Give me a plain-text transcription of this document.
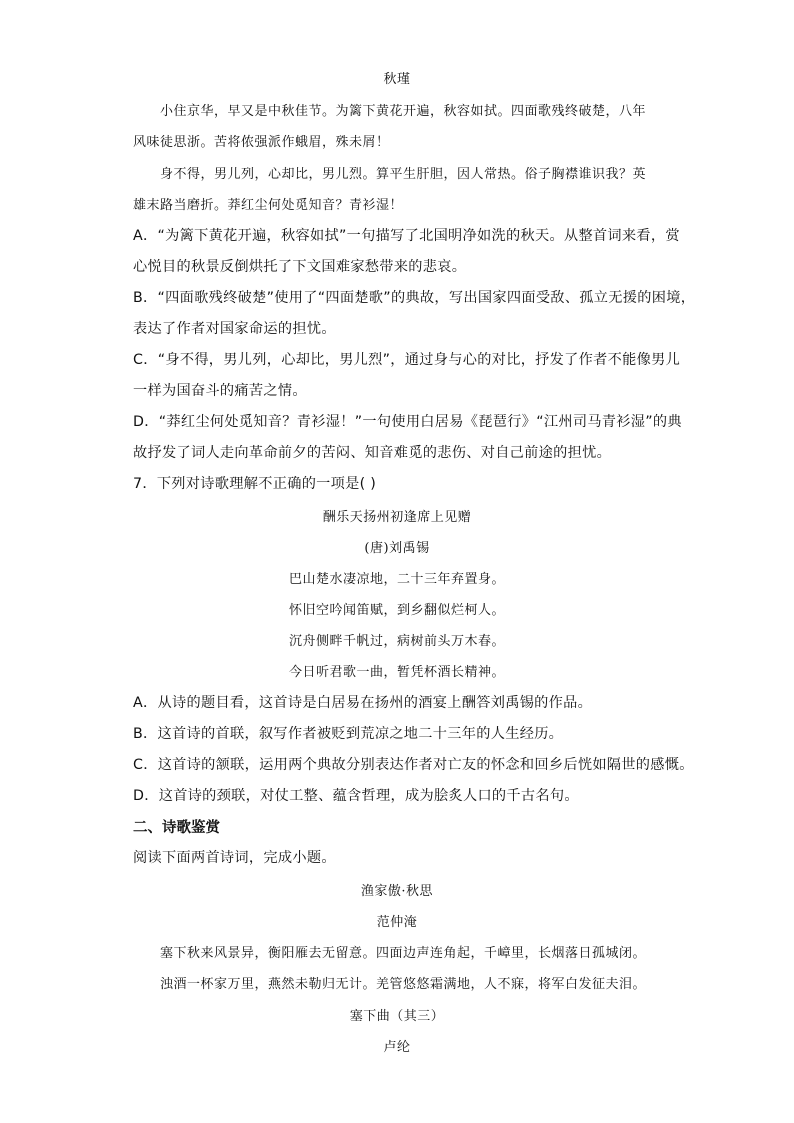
秋瑾
小住京华，早又是中秋佳节。为篱下黄花开遍，秋容如拭。四面歌残终破楚，八年
风味徒思浙。苦将侬强派作蛾眉，殊未屑！
身不得，男儿列，心却比，男儿烈。算平生肝胆，因人常热。俗子胸襟谁识我？英
雄末路当磨折。莽红尘何处觅知音？青衫湿！
A．“为篱下黄花开遍，秋容如拭”一句描写了北国明净如洗的秋天。从整首词来看，赏
心悦目的秋景反倒烘托了下文国难家愁带来的悲哀。
B．“四面歌残终破楚”使用了“四面楚歌”的典故，写出国家四面受敌、孤立无援的困境，
表达了作者对国家命运的担忧。
C．“身不得，男儿列，心却比，男儿烈”，通过身与心的对比，抒发了作者不能像男儿
一样为国奋斗的痛苦之情。
D．“莽红尘何处觅知音？青衫湿！”一句使用白居易《琵琶行》“江州司马青衫湿”的典
故抒发了词人走向革命前夕的苦闷、知音难觅的悲伤、对自己前途的担忧。
7．下列对诗歌理解不正确的一项是( )
酬乐天扬州初逢席上见赠
(唐)刘禹锡
巴山楚水凄凉地，二十三年弃置身。
怀旧空吟闻笛赋，到乡翻似烂柯人。
沉舟侧畔千帆过，病树前头万木春。
今日听君歌一曲，暂凭杯酒长精神。
A．从诗的题目看，这首诗是白居易在扬州的酒宴上酬答刘禹锡的作品。
B．这首诗的首联，叙写作者被贬到荒凉之地二十三年的人生经历。
C．这首诗的颔联，运用两个典故分别表达作者对亡友的怀念和回乡后恍如隔世的感慨。
D．这首诗的颈联，对仗工整、蕴含哲理，成为脍炙人口的千古名句。
二、诗歌鉴赏
阅读下面两首诗词，完成小题。
渔家傲·秋思
范仲淹
塞下秋来风景异，衡阳雁去无留意。四面边声连角起，千嶂里，长烟落日孤城闭。
浊酒一杯家万里，燕然未勒归无计。羌管悠悠霜满地，人不寐，将军白发征夫泪。
塞下曲（其三）
卢纶
